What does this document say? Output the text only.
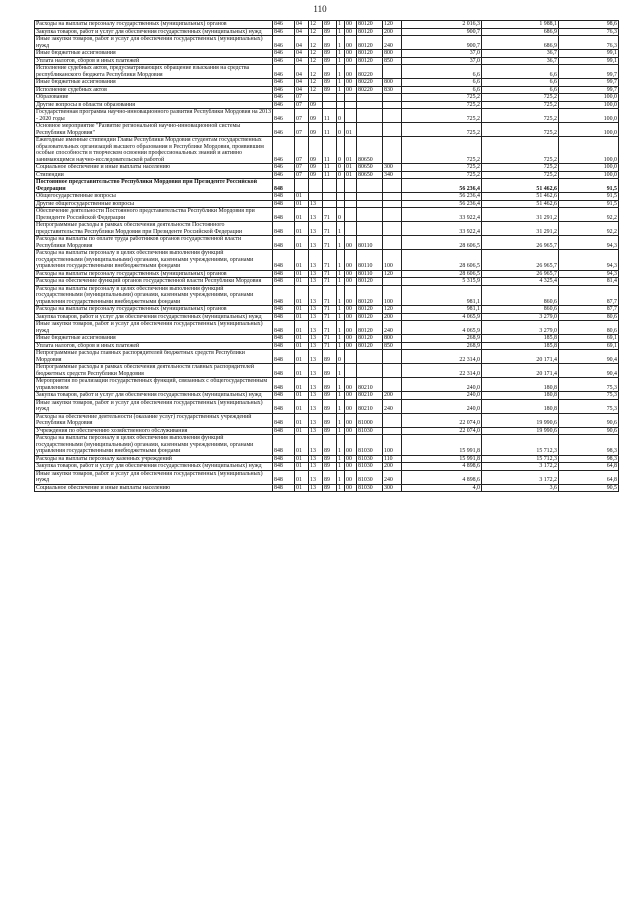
110
Расходы на выплаты персоналу государственных (муниципальных) органов	846	04	12	89	1	00	80120	120	2 016,3	1 988,1	98,6
Закупка товаров, работ и услуг для обеспечения государственных (муниципальных) нужд	846	04	12	89	1	00	80120	200	900,7	686,9	76,3
Иные закупки товаров, работ и услуг для обеспечения государственных (муниципальных) нужд	846	04	12	89	1	00	80120	240	900,7	686,9	76,3
Иные бюджетные ассигнования	846	04	12	89	1	00	80120	800	37,0	36,7	99,1
Уплата налогов, сборов и иных платежей	846	04	12	89	1	00	80120	850	37,0	36,7	99,1
Исполнение судебных актов, предусматривающих обращение взыскания на средства республиканского бюджета Республики Мордовия	846	04	12	89	1	00	80220		6,6	6,6	99,7
Иные бюджетные ассигнования	846	04	12	89	1	00	80220	800	6,6	6,6	99,7
Исполнение судебных актов	846	04	12	89	1	00	80220	830	6,6	6,6	99,7
Образование	846	07							725,2	725,2	100,0
Другие вопросы в области образования	846	07	09						725,2	725,2	100,0
Государственная программа научно-инновационного развития Республики Мордовия на 2013 - 2020 годы	846	07	09	11	0				725,2	725,2	100,0
Основное мероприятие "Развитие региональной научно-инновационной системы Республики Мордовия"	846	07	09	11	0	01			725,2	725,2	100,0
Ежегодные именные стипендии Главы Республики Мордовия студентам государственных образовательных организаций высшего образования в Республике Мордовия, проявившим особые способности в творческом освоении профессиональных знаний и активно занимающимся научно-исследовательской работой	846	07	09	11	0	01	80650		725,2	725,2	100,0
Социальное обеспечение и иные выплаты населению	846	07	09	11	0	01	80650	300	725,2	725,2	100,0
Стипендии	846	07	09	11	0	01	80650	340	725,2	725,2	100,0
Постоянное представительство Республики Мордовия при Президенте Российской Федерации	848								56 236,4	51 462,6	91,5
Общегосударственные вопросы	848	01							56 236,4	51 462,6	91,5
Другие общегосударственные вопросы	848	01	13						56 236,4	51 462,6	91,5
Обеспечение деятельности Постоянного представительства Республики Мордовия при Президенте Российской Федерации	848	01	13	71	0				33 922,4	31 291,2	92,2
Непрограммные расходы в рамках обеспечения деятельности Постоянного представительства Республики Мордовия при Президенте Российской Федерации	848	01	13	71	1				33 922,4	31 291,2	92,2
Расходы на выплаты по оплате труда работников органов государственной власти Республики Мордовия	848	01	13	71	1	00	80110		28 606,5	26 965,7	94,3
Расходы на выплаты персоналу в целях обеспечения выполнения функций государственными (муниципальными) органами, казенными учреждениями, органами управления государственными внебюджетными фондами	848	01	13	71	1	00	80110	100	28 606,5	26 965,7	94,3
Расходы на выплаты персоналу государственных (муниципальных) органов	848	01	13	71	1	00	80110	120	28 606,5	26 965,7	94,3
Расходы на обеспечение функций органов государственной власти Республики Мордовия	848	01	13	71	1	00	80120		5 315,9	4 325,4	81,4
Расходы на выплаты персоналу в целях обеспечения выполнения функций государственными (муниципальными) органами, казенными учреждениями, органами управления государственными внебюджетными фондами	848	01	13	71	1	00	80120	100	981,1	860,6	87,7
Расходы на выплаты персоналу государственных (муниципальных) органов	848	01	13	71	1	00	80120	120	981,1	860,6	87,7
Закупка товаров, работ и услуг для обеспечения государственных (муниципальных) нужд	848	01	13	71	1	00	80120	200	4 065,9	3 279,0	80,6
Иные закупки товаров, работ и услуг для обеспечения государственных (муниципальных) нужд	848	01	13	71	1	00	80120	240	4 065,9	3 279,0	80,6
Иные бюджетные ассигнования	848	01	13	71	1	00	80120	800	268,9	185,8	69,1
Уплата налогов, сборов и иных платежей	848	01	13	71	1	00	80120	850	268,9	185,8	69,1
Непрограммные расходы главных распорядителей бюджетных средств Республики Мордовия	848	01	13	89	0				22 314,0	20 171,4	90,4
Непрограммные расходы в рамках обеспечения деятельности главных распорядителей бюджетных средств Республики Мордовия	848	01	13	89	1				22 314,0	20 171,4	90,4
Мероприятия по реализации государственных функций, связанных с общегосударственным управлением	848	01	13	89	1	00	80210		240,0	180,8	75,3
Закупка товаров, работ и услуг для обеспечения государственных (муниципальных) нужд	848	01	13	89	1	00	80210	200	240,0	180,8	75,3
Иные закупки товаров, работ и услуг для обеспечения государственных (муниципальных) нужд	848	01	13	89	1	00	80210	240	240,0	180,8	75,3
Расходы на обеспечение деятельности (оказание услуг) государственных учреждений Республики Мордовия	848	01	13	89	1	00	81000		22 074,0	19 990,6	90,6
Учреждения по обеспечению хозяйственного обслуживания	848	01	13	89	1	00	81030		22 074,0	19 990,6	90,6
Расходы на выплаты персоналу в целях обеспечения выполнения функций государственными (муниципальными) органами, казенными учреждениями, органами управления государственными внебюджетными фондами	848	01	13	89	1	00	81030	100	15 991,8	15 712,3	98,3
Расходы на выплаты персоналу казенных учреждений	848	01	13	89	1	00	81030	110	15 991,8	15 712,3	98,3
Закупка товаров, работ и услуг для обеспечения государственных (муниципальных) нужд	848	01	13	89	1	00	81030	200	4 898,6	3 172,2	64,8
Иные закупки товаров, работ и услуг для обеспечения государственных (муниципальных) нужд	848	01	13	89	1	00	81030	240	4 898,6	3 172,2	64,8
Социальное обеспечение и иные выплаты населению	848	01	13	89	1	00	81030	300	4,0	3,6	90,5
